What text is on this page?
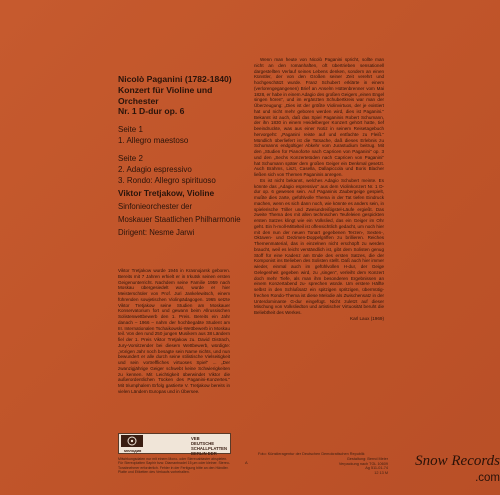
Nicolò Paganini (1782-1840)
Konzert für Violine und Orchester
Nr. 1 D-dur op. 6
Seite 1
1. Allegro maestoso
Seite 2
2. Adagio espressivo
3. Rondo: Allegro spirituoso
Viktor Tretjakow, Violine
Sinfonieorchester der
Moskauer Staatlichen Philharmonie
Dirigent: Nesme Jarwi
Viktor Tretjakow wurde 1946 in Krasnojarsk geboren. Bereits mit 7 Jahren erhielt er in Irkutsk seinen ersten Geigenunterricht. Nachdem seine Familie 1959 nach Moskau übergesiedelt war, wurde er hier Meisterschüler von Prof. Juri Jankelewitsch, einem führenden sowjetischen Violinpädagogen. 1965 setzte Viktor Tretjakow seine Studien am Moskauer Konservatorium fort und gewann beim Allrussischen Solistenwettbewerb den 1. Preis. Bereits ein Jahr danach – 1966 – nahm der hochbegabte Student am III. Internationalen Tschaikowski-Wettbewerb in Moskau teil. Von den rund 250 jungen Musikern aus 38 Ländern fiel der 1. Preis Viktor Tretjakow zu. David Oistrach, Jury-Vorsitzender bei diesem Wettbewerb, würdigte: „Vorigen Jahr noch besagte sein Name nichts, und nun bewundert er alle durch seine stilistische Vielseitigkeit und sein vortreffliches virtuoses Spiel" ... „Der zwanzigjährige Geiger schwebt keine Schwierigkeiten zu kennen. Mit Leichtigkeit überwindet Viktor die außerordentlichen Tücken des Paganini-Konzertes." Mit triumphalem Erfolg gastierte V. Tretjakow bereits in vielen Ländern Europas und in Übersee.

Wenn man heute von Nicolò Paganini spricht, sollte man nicht an den romanhaften, oft übertrieben sensationell dargestellten Verlauf seines Lebens denken, sondern an einen Künstler, der von den Großen seiner Zeit verehrt und hochgeschätzt wurde. Franz Schubert erklärte in einem (verlorengegangenen) Brief an Anselm Hüttenbrenner vom Mai 1828, er habe in einem Adagio des großen Geigers „einen Engel singen hören", und im ergänzten Schubertkreis war man der Überzeugung: „Dies ist der größte Violinvirtuos, der je existiert hat und nicht mehr geboren werden wird, dies ist Paganini." Bekannt ist auch, daß das Spiel Paganinis Robert Schumann, der ihn 1830 in einem Heidelberger Konzert gehört hatte, tief beeindruckte, was aus einer Notiz in seinem Reisetagebuch hervorgeht: „Paganini reiste auf und entfachte zu Fleiß." Mündlich überliefert ist die Tatsache, daß dieses Erlebnis zu Schumanns endgültiger Abkehr vom Jurastudium beitrug. Mit den „Studien für Pianoforte nach Capricen von Paganini" op. 3 und den „Sechs Konzertetüden nach Capricen von Paganini" hat Schumann später dem großen Geiger ein Denkmal gesetzt. Auch Brahms, Liszt, Casella, Dallapiccola und Boris Blacher ließen sich von Themen Paganinis anregen.

Es ist nicht bekannt, welches Adagio Schubert meinte. Es könnte das „Adagio espressivo" aus dem Violinkonzert Nr. 1 D-dur op. 6 gewesen sein. Auf Paganinis Zaubergeige gespielt, mußte dies zarte, gefühlvolle Thema in der Tat tiefen Eindruck machen, wenn es sich dann noch, wie könnte es anders sein, in spielerische Triller und Zweiundreißigstel-Läufe ergießt. Das zweite Thema des mit allen technischen Teufeleien gespickten ersten Satzes klingt wie ein Volkslied, das ein Geiger im Ohr geht. Ein h-moll-Mittelteil ist offensichtlich gedacht, um noch hier mit den nun der neuen Tonart gegebenen Terzen-, Sexten-, Oktaven- und Dezimen-Doppelgriffen zu brillieren. Reiches Themenmaterial, das in einzelnen nicht erschöpft zu werden braucht, weil es leicht verständlich ist, gibt dem Solisten genug Stoff für eine Kadenz am Ende des ersten Satzes, die der Komponist ins Belieben des Solisten stellt. Daß auch hier immer wieder, einmal auch im gefühlvollen H-dur, der Geige Gelegenheit gegeben wird, zu „singen", verleiht dem Konzert doch mehr Tiefe, als man ihm besonderen Ergebnissen an einem Konzertabend zu- sprechen würde. Um erstere Hälfte selbst in den Schlußsatz ein spitzigen spritzigen, übermütig-frechen Rondo-Thema ist diese Melodie als Zwischensatz in der Unterdominante G-dur eingefügt. Nicht zuletzt auf dieser Mischung von Volksliedton und artistischer Virtuosität beruht die Beliebtheit des Werkes.

Karl Laux (1969)
мелодия
VEB
DEUTSCHE
SCHALLPLATTEN
BERLIN DDR
Mitwirkungsdaten nur mit einem Mono- oder Stereoabtaster abspielen. Für Stereoplatten Saphir bzw. Diamantnadel 15 μm oder kleiner. Stereo-Tonabnehmer erforderlich. Fehler in der Fertigung bitte an den Händler. Platte und Etiketten des Verkaufs vorbehalten.
A
Foto: Künstleragentur der Deutschen Demokratischen Republik
Gestaltung: Bernd Meier
Verpackung nach TGL 10609
Ag 511-01-74
12 13 M
Snow Records
.com
